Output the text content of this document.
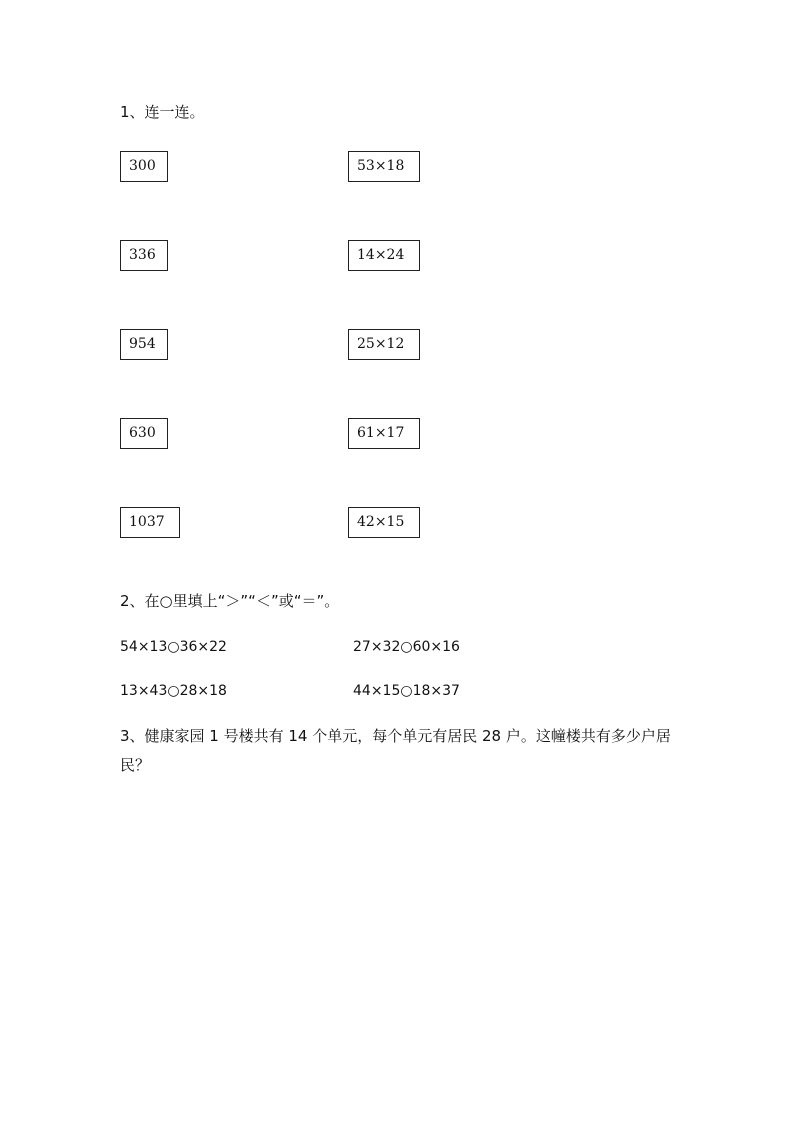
1、连一连。
300
336
954
630
1037
53×18
14×24
25×12
61×17
42×15
2、在○里填上“＞”“＜”或“＝”。
54×13○36×22	27×32○60×16
13×43○28×18	44×15○18×37
3、健康家园 1 号楼共有 14 个单元，每个单元有居民 28 户。这幢楼共有多少户居民？
